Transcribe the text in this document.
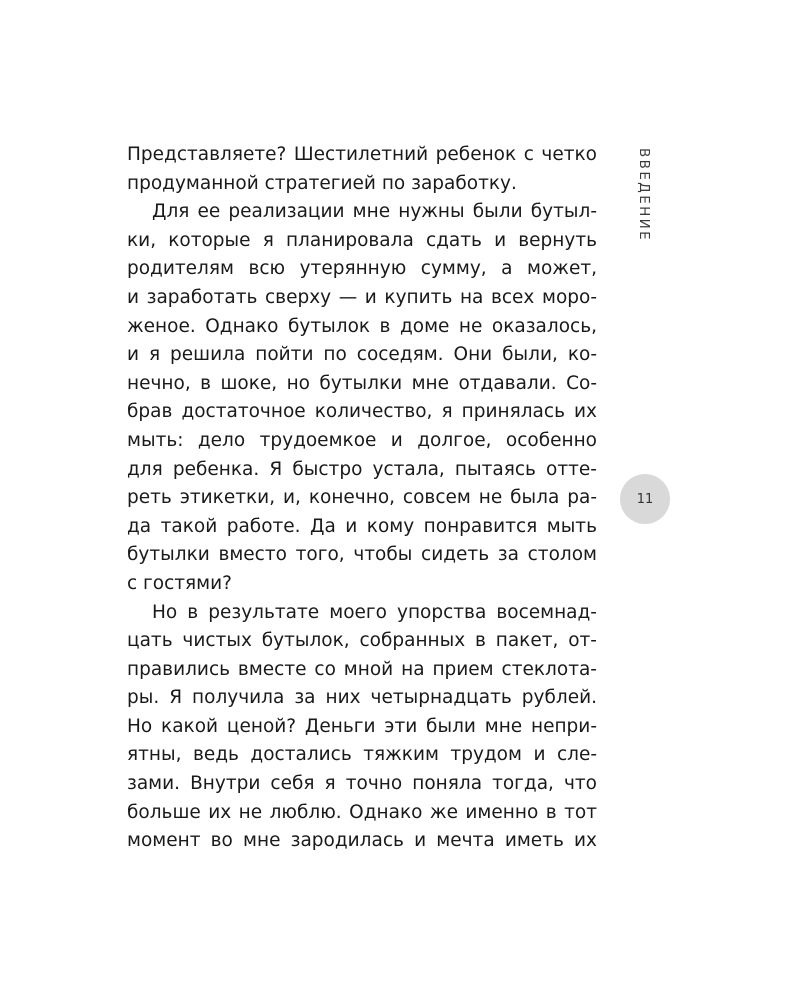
Представляете? Шестилетний ребенок с четко
продуманной стратегией по заработку.
Для ее реализации мне нужны были бутыл-
ки, которые я планировала сдать и вернуть
родителям всю утерянную сумму, а может,
и заработать сверху — и купить на всех моро-
женое. Однако бутылок в доме не оказалось,
и я решила пойти по соседям. Они были, ко-
нечно, в шоке, но бутылки мне отдавали. Со-
брав достаточное количество, я принялась их
мыть: дело трудоемкое и долгое, особенно
для ребенка. Я быстро устала, пытаясь отте-
реть этикетки, и, конечно, совсем не была ра-
да такой работе. Да и кому понравится мыть
бутылки вместо того, чтобы сидеть за столом
с гостями?
Но в результате моего упорства восемнад-
цать чистых бутылок, собранных в пакет, от-
правились вместе со мной на прием стеклота-
ры. Я получила за них четырнадцать рублей.
Но какой ценой? Деньги эти были мне непри-
ятны, ведь достались тяжким трудом и сле-
зами. Внутри себя я точно поняла тогда, что
больше их не люблю. Однако же именно в тот
момент во мне зародилась и мечта иметь их
ВВЕДЕНИЕ
11
